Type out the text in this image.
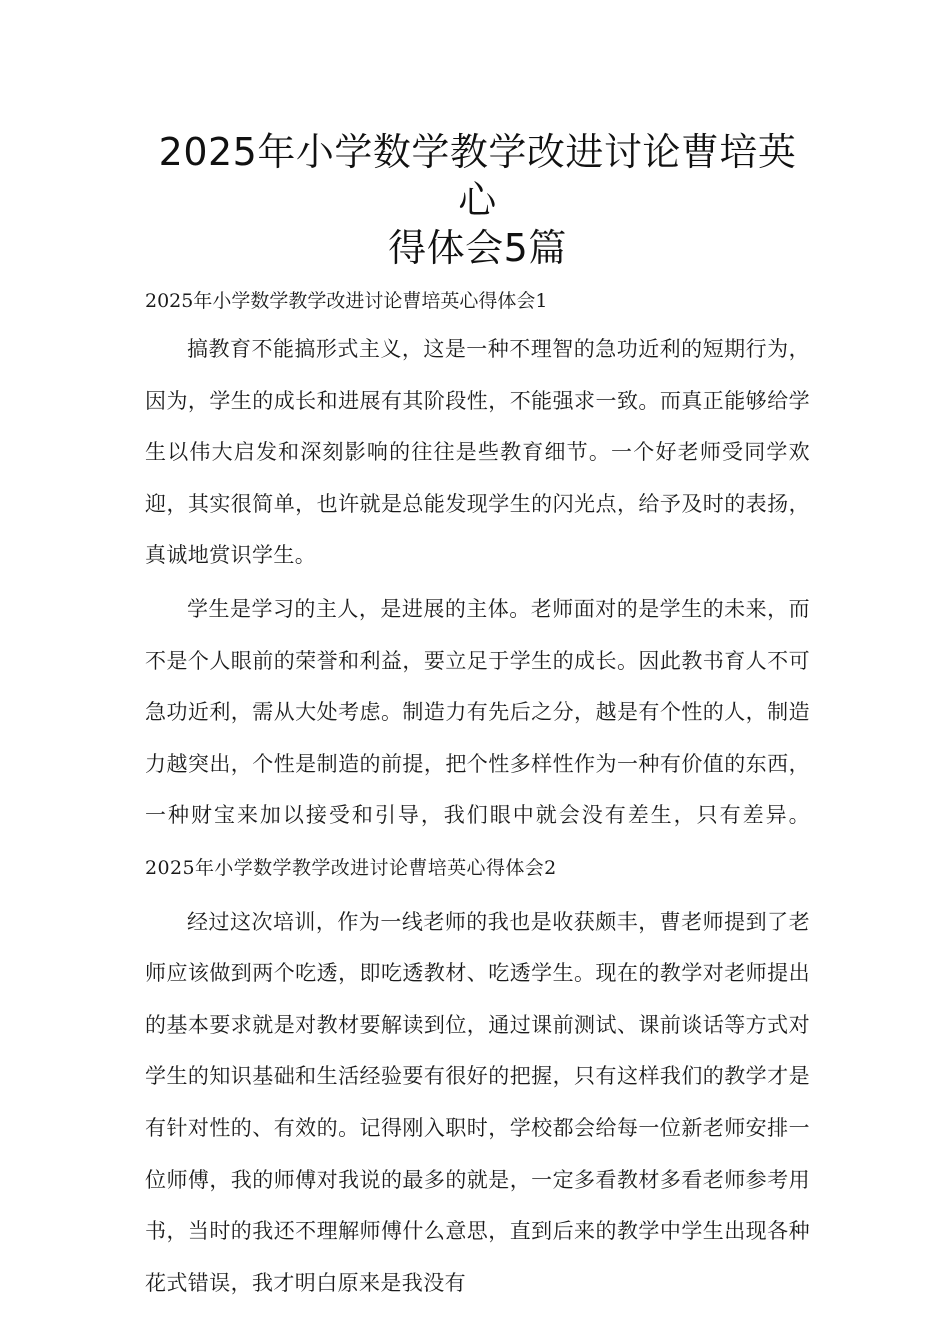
2025年小学数学教学改进讨论曹培英心
得体会5篇
2025年小学数学教学改进讨论曹培英心得体会1

搞教育不能搞形式主义，这是一种不理智的急功近利的短期行为，因为，学生的成长和进展有其阶段性，不能强求一致。而真正能够给学生以伟大启发和深刻影响的往往是些教育细节。一个好老师受同学欢迎，其实很简单，也许就是总能发现学生的闪光点，给予及时的表扬，真诚地赏识学生。

学生是学习的主人，是进展的主体。老师面对的是学生的未来，而不是个人眼前的荣誉和利益，要立足于学生的成长。因此教书育人不可急功近利，需从大处考虑。制造力有先后之分，越是有个性的人，制造力越突出，个性是制造的前提，把个性多样性作为一种有价值的东西，一种财宝来加以接受和引导，我们眼中就会没有差生，只有差异。2025年小学数学教学改进讨论曹培英心得体会2

经过这次培训，作为一线老师的我也是收获颇丰，曹老师提到了老师应该做到两个吃透，即吃透教材、吃透学生。现在的教学对老师提出的基本要求就是对教材要解读到位，通过课前测试、课前谈话等方式对学生的知识基础和生活经验要有很好的把握，只有这样我们的教学才是有针对性的、有效的。记得刚入职时，学校都会给每一位新老师安排一位师傅，我的师傅对我说的最多的就是，一定多看教材多看老师参考用书，当时的我还不理解师傅什么意思，直到后来的教学中学生出现各种花式错误，我才明白原来是我没有
